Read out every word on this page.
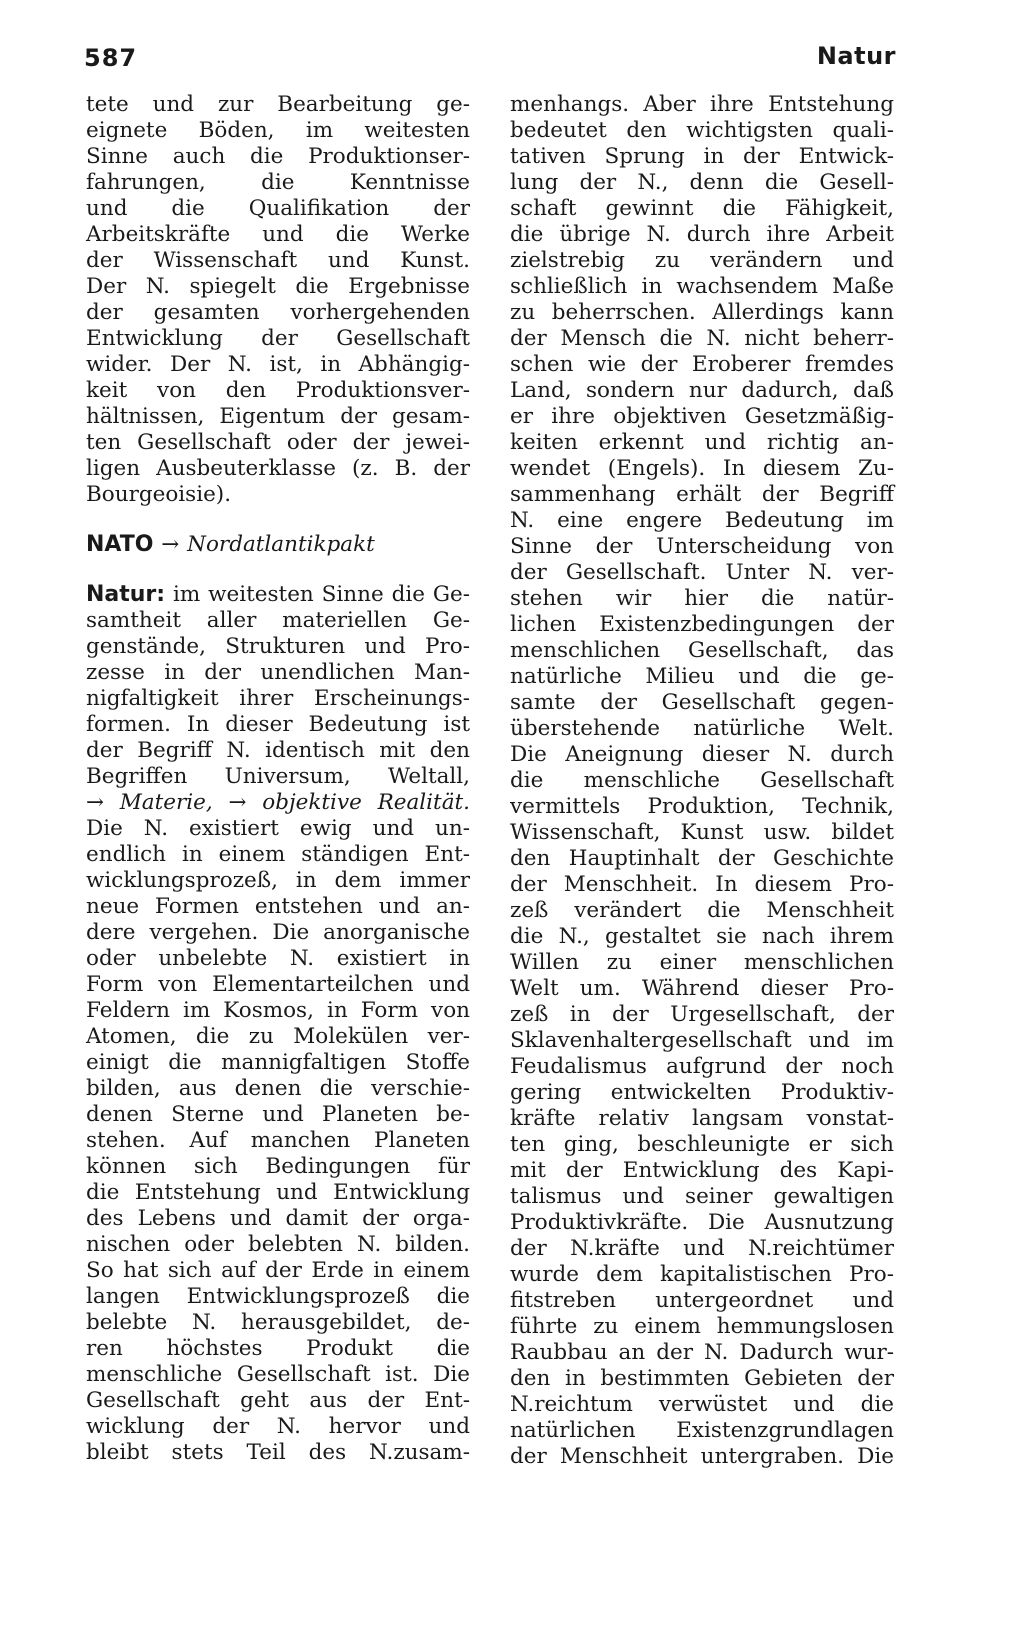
587	Natur
tete und zur Bearbeitung ge-
eignete Böden, im weitesten
Sinne auch die Produktionser-
fahrungen, die Kenntnisse
und die Qualifikation der
Arbeitskräfte und die Werke
der Wissenschaft und Kunst.
Der N. spiegelt die Ergebnisse
der gesamten vorhergehenden
Entwicklung der Gesellschaft
wider. Der N. ist, in Abhängig-
keit von den Produktionsver-
hältnissen, Eigentum der gesam-
ten Gesellschaft oder der jewei-
ligen Ausbeuterklasse (z. B. der
Bourgeoisie).
NATO → Nordatlantikpakt
Natur: im weitesten Sinne die Ge-
samtheit aller materiellen Ge-
genstände, Strukturen und Pro-
zesse in der unendlichen Man-
nigfaltigkeit ihrer Erscheinungs-
formen. In dieser Bedeutung ist
der Begriff N. identisch mit den
Begriffen Universum, Weltall,
→ Materie, → objektive Realität.
Die N. existiert ewig und un-
endlich in einem ständigen Ent-
wicklungsprozeß, in dem immer
neue Formen entstehen und an-
dere vergehen. Die anorganische
oder unbelebte N. existiert in
Form von Elementarteilchen und
Feldern im Kosmos, in Form von
Atomen, die zu Molekülen ver-
einigt die mannigfaltigen Stoffe
bilden, aus denen die verschie-
denen Sterne und Planeten be-
stehen. Auf manchen Planeten
können sich Bedingungen für
die Entstehung und Entwicklung
des Lebens und damit der orga-
nischen oder belebten N. bilden.
So hat sich auf der Erde in einem
langen Entwicklungsprozeß die
belebte N. herausgebildet, de-
ren höchstes Produkt die
menschliche Gesellschaft ist. Die
Gesellschaft geht aus der Ent-
wicklung der N. hervor und
bleibt stets Teil des N.zusam-
menhangs. Aber ihre Entstehung
bedeutet den wichtigsten quali-
tativen Sprung in der Entwick-
lung der N., denn die Gesell-
schaft gewinnt die Fähigkeit,
die übrige N. durch ihre Arbeit
zielstrebig zu verändern und
schließlich in wachsendem Maße
zu beherrschen. Allerdings kann
der Mensch die N. nicht beherr-
schen wie der Eroberer fremdes
Land, sondern nur dadurch, daß
er ihre objektiven Gesetzmäßig-
keiten erkennt und richtig an-
wendet (Engels). In diesem Zu-
sammenhang erhält der Begriff
N. eine engere Bedeutung im
Sinne der Unterscheidung von
der Gesellschaft. Unter N. ver-
stehen wir hier die natür-
lichen Existenzbedingungen der
menschlichen Gesellschaft, das
natürliche Milieu und die ge-
samte der Gesellschaft gegen-
überstehende natürliche Welt.
Die Aneignung dieser N. durch
die menschliche Gesellschaft
vermittels Produktion, Technik,
Wissenschaft, Kunst usw. bildet
den Hauptinhalt der Geschichte
der Menschheit. In diesem Pro-
zeß verändert die Menschheit
die N., gestaltet sie nach ihrem
Willen zu einer menschlichen
Welt um. Während dieser Pro-
zeß in der Urgesellschaft, der
Sklavenhaltergesellschaft und im
Feudalismus aufgrund der noch
gering entwickelten Produktiv-
kräfte relativ langsam vonstat-
ten ging, beschleunigte er sich
mit der Entwicklung des Kapi-
talismus und seiner gewaltigen
Produktivkräfte. Die Ausnutzung
der N.kräfte und N.reichtümer
wurde dem kapitalistischen Pro-
fitstreben untergeordnet und
führte zu einem hemmungslosen
Raubbau an der N. Dadurch wur-
den in bestimmten Gebieten der
N.reichtum verwüstet und die
natürlichen Existenzgrundlagen
der Menschheit untergraben. Die
